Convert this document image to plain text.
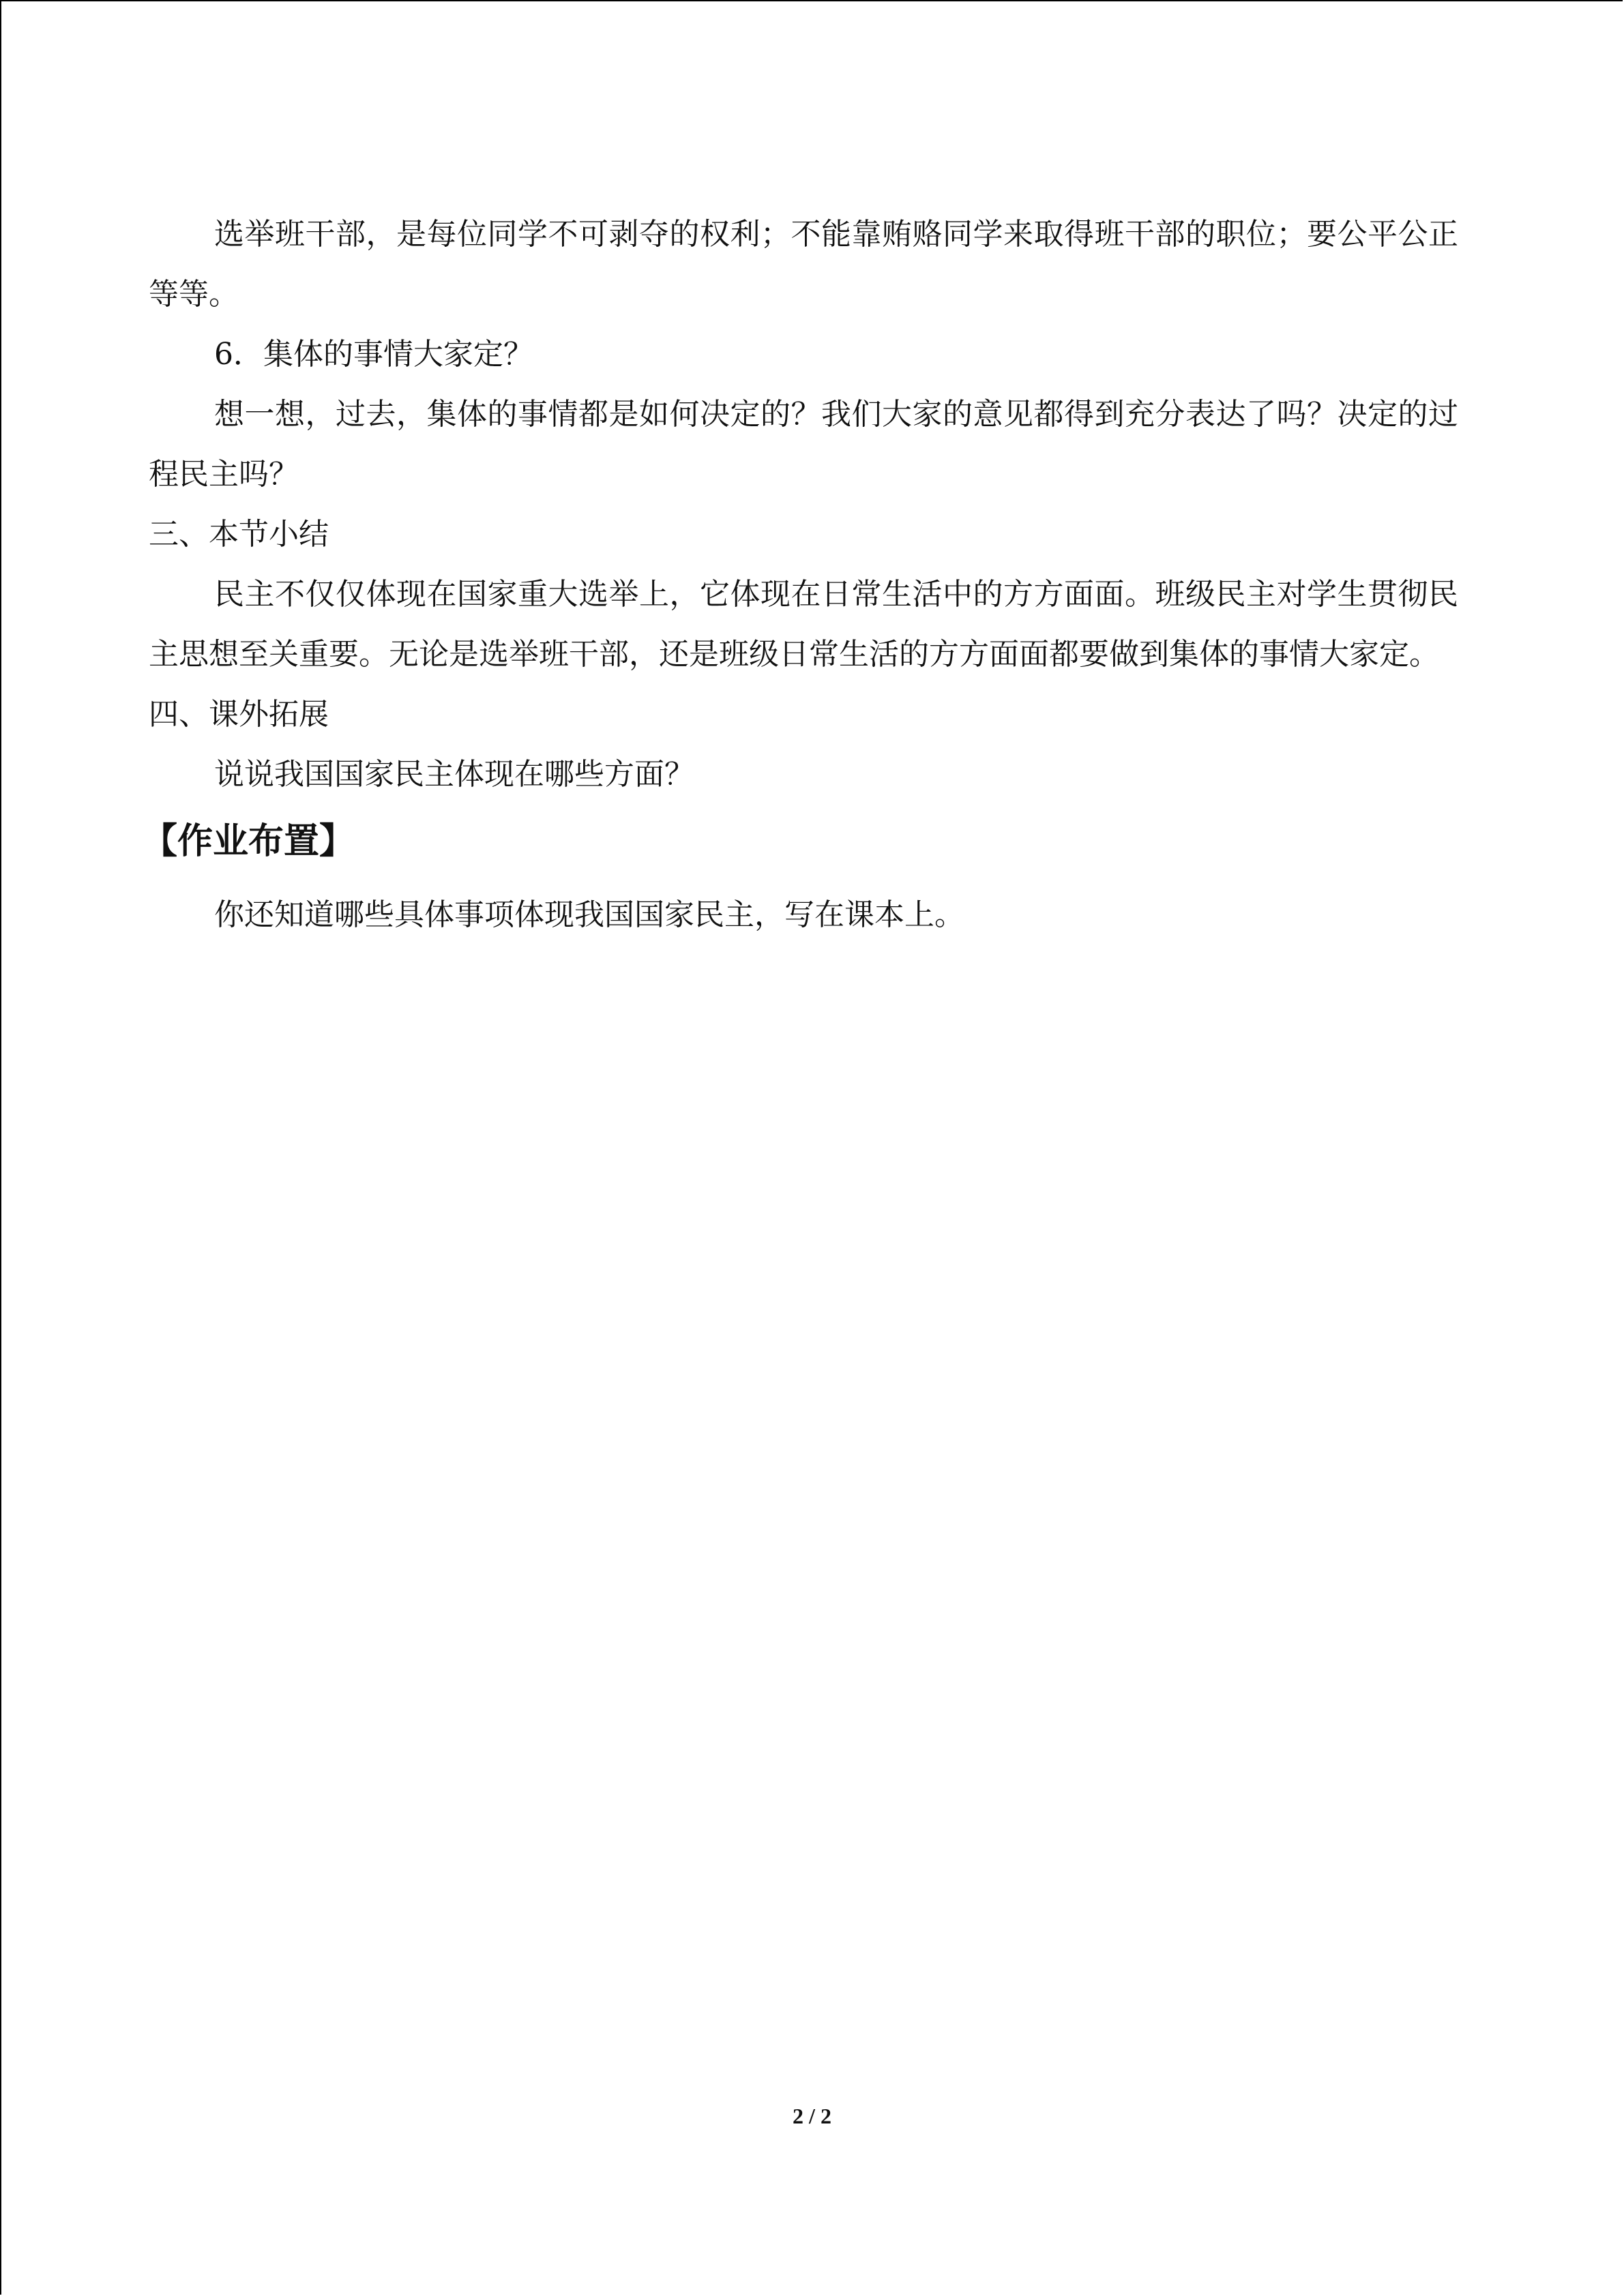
选举班干部，是每位同学不可剥夺的权利；不能靠贿赂同学来取得班干部的职位；要公平公正等等。

6．集体的事情大家定？

想一想，过去，集体的事情都是如何决定的？我们大家的意见都得到充分表达了吗？决定的过程民主吗？

三、本节小结

民主不仅仅体现在国家重大选举上，它体现在日常生活中的方方面面。班级民主对学生贯彻民主思想至关重要。无论是选举班干部，还是班级日常生活的方方面面都要做到集体的事情大家定。

四、课外拓展

说说我国国家民主体现在哪些方面？

【作业布置】

你还知道哪些具体事项体现我国国家民主，写在课本上。

2 / 2
